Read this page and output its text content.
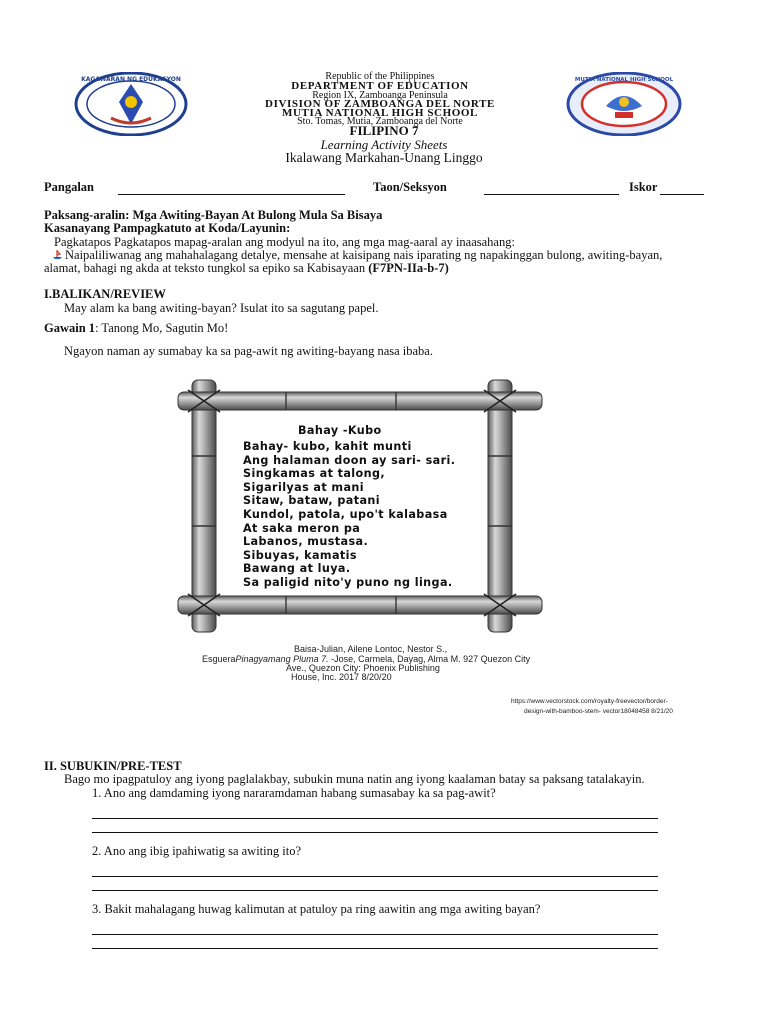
KAGAWARAN NG EDUKASYON	MUTIA NATIONAL HIGH SCHOOL
Republic of the Philippines
DEPARTMENT OF EDUCATION
Region IX, Zamboanga Peninsula
DIVISION OF ZAMBOANGA DEL NORTE
MUTIA NATIONAL HIGH SCHOOL
Sto. Tomas, Mutia, Zamboanga del Norte
FILIPINO 7
Learning Activity Sheets
Ikalawang Markahan-Unang Linggo
Pangalan	Taon/Seksyon	Iskor
Paksang-aralin: Mga Awiting-Bayan At Bulong Mula Sa Bisaya
Kasanayang Pampagkatuto at Koda/Layunin:
Pagkatapos Pagkatapos mapag-aralan ang modyul na ito, ang mga mag-aaral ay inaasahang:
Naipaliliwanag ang mahahalagang detalye, mensahe at kaisipang nais iparating ng napakinggan bulong, awiting-bayan,
alamat, bahagi ng akda at teksto tungkol sa epiko sa Kabisayaan (F7PN-IIa-b-7)
I.BALIKAN/REVIEW
May alam ka bang awiting-bayan? Isulat ito sa sagutang papel.
Gawain 1: Tanong Mo, Sagutin Mo!
Ngayon naman ay sumabay ka sa pag-awit ng awiting-bayang nasa ibaba.
Bahay -Kubo
Bahay- kubo, kahit munti
Ang halaman doon ay sari- sari.
Singkamas at talong,
Sigarilyas at mani
Sitaw, bataw, patani
Kundol, patola, upo't kalabasa
At saka meron pa
Labanos, mustasa.
Sibuyas, kamatis
Bawang at luya.
Sa paligid nito'y puno ng linga.
Baisa-Julian, Ailene Lontoc, Nestor S.,
EsgueraPinagyamang Pluma 7. -Jose, Carmela, Dayag, Alma M. 927 Quezon City
Ave., Quezon City: Phoenix Publishing
House, Inc. 2017 8/20/20
https://www.vectorstock.com/royalty-freevector/border-
design-with-bamboo-stem- vector18048458 8/21/20
II. SUBUKIN/PRE-TEST
Bago mo ipagpatuloy ang iyong paglalakbay, subukin muna natin ang iyong kaalaman batay sa paksang tatalakayin.
1. Ano ang damdaming iyong nararamdaman habang sumasabay ka sa pag-awit?
2. Ano ang ibig ipahiwatig sa awiting ito?
3. Bakit mahalagang huwag kalimutan at patuloy pa ring aawitin ang mga awiting bayan?
